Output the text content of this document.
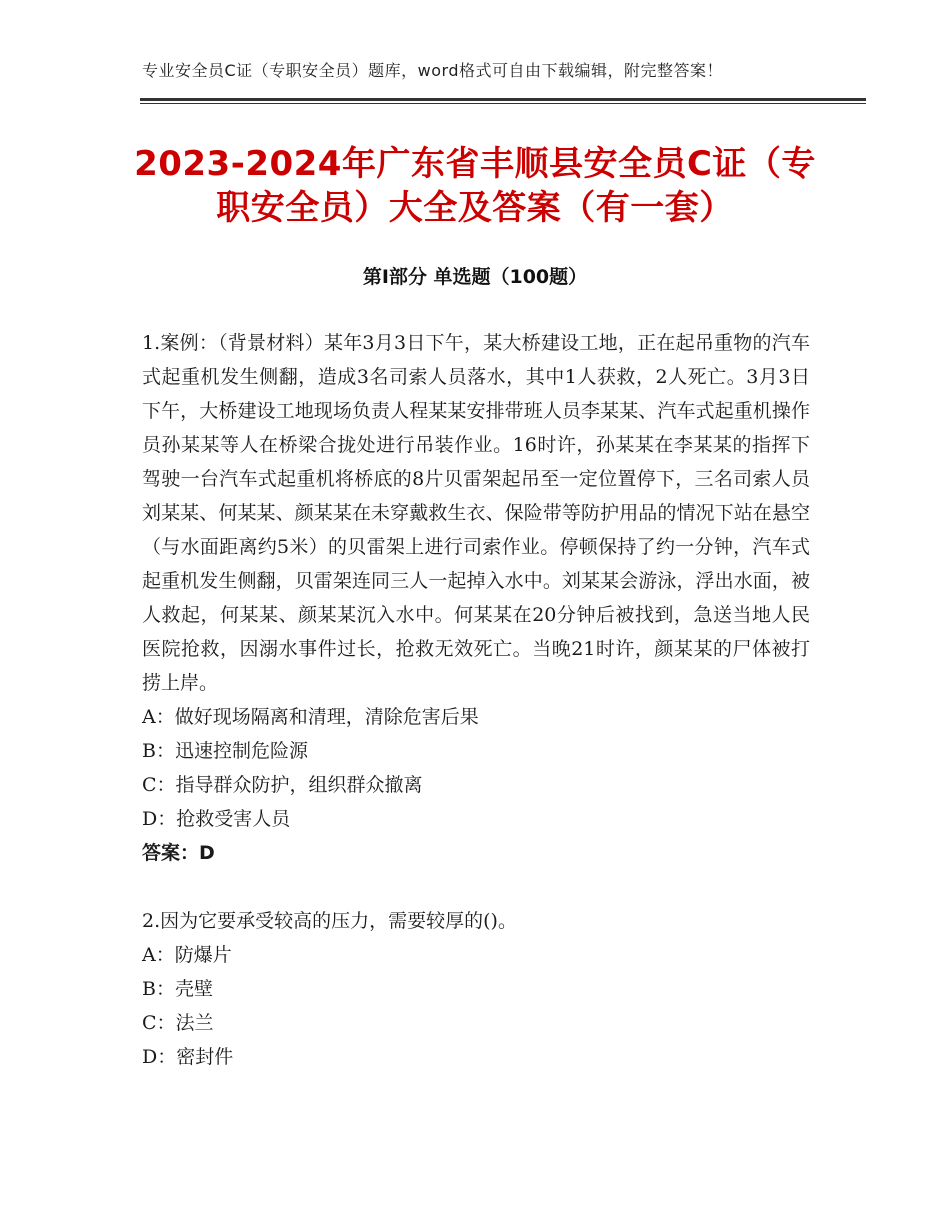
专业安全员C证（专职安全员）题库，word格式可自由下载编辑，附完整答案！
2023-2024年广东省丰顺县安全员C证（专职安全员）大全及答案（有一套）
第Ⅰ部分 单选题（100题）

1.案例：（背景材料）某年3月3日下午，某大桥建设工地，正在起吊重物的汽车式起重机发生侧翻，造成3名司索人员落水，其中1人获救，2人死亡。3月3日下午，大桥建设工地现场负责人程某某安排带班人员李某某、汽车式起重机操作员孙某某等人在桥梁合拢处进行吊装作业。16时许，孙某某在李某某的指挥下驾驶一台汽车式起重机将桥底的8片贝雷架起吊至一定位置停下，三名司索人员刘某某、何某某、颜某某在未穿戴救生衣、保险带等防护用品的情况下站在悬空（与水面距离约5米）的贝雷架上进行司索作业。停顿保持了约一分钟，汽车式起重机发生侧翻，贝雷架连同三人一起掉入水中。刘某某会游泳，浮出水面，被人救起，何某某、颜某某沉入水中。何某某在20分钟后被找到，急送当地人民医院抢救，因溺水事件过长，抢救无效死亡。当晚21时许，颜某某的尸体被打捞上岸。

A：做好现场隔离和清理，清除危害后果

B：迅速控制危险源

C：指导群众防护，组织群众撤离

D：抢救受害人员

答案：D

2.因为它要承受较高的压力，需要较厚的()。

A：防爆片

B：壳壁

C：法兰

D：密封件
